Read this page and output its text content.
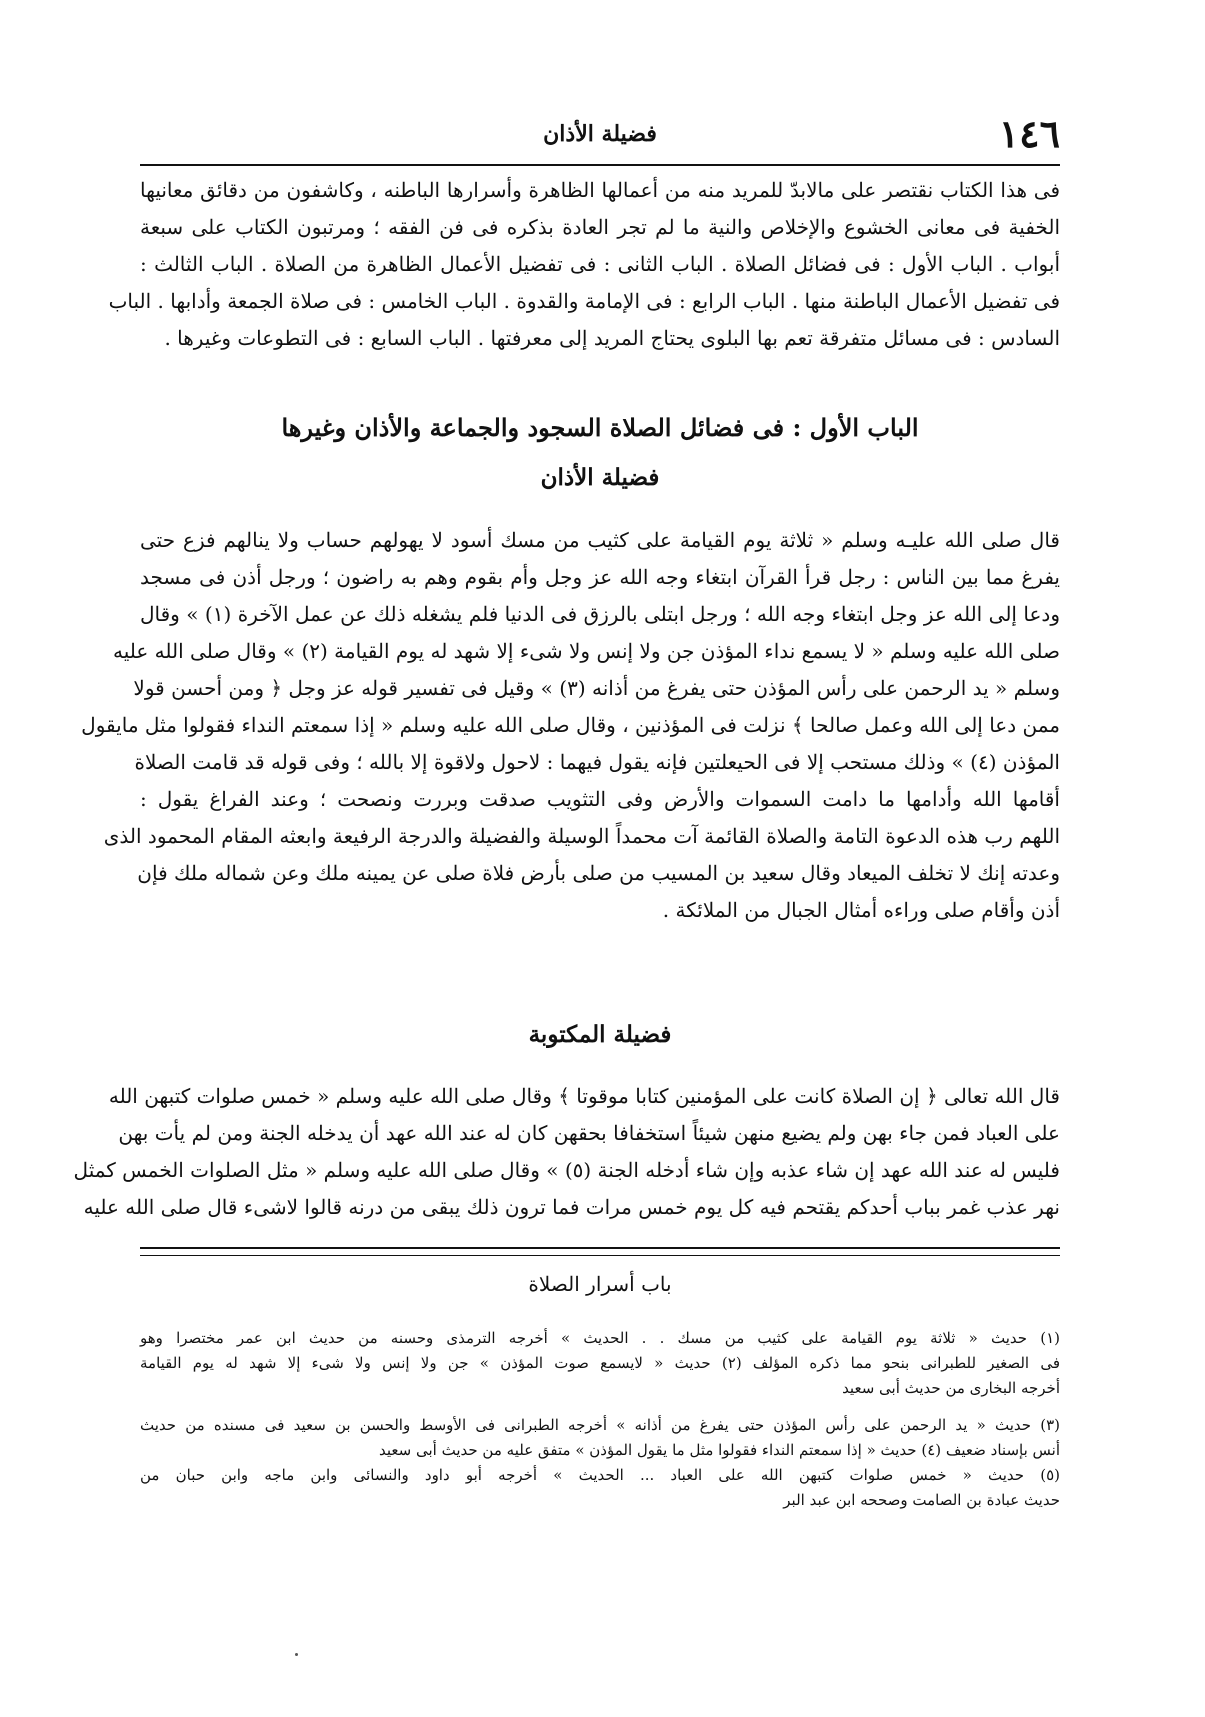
١٤٦
فضيلة الأذان
فى هذا الكتاب نقتصر على مالابدّ للمريد منه من أعمالها الظاهرة وأسرارها الباطنه ، وكاشفون من دقائق معانيها
الخفية فى معانى الخشوع والإخلاص والنية ما لم تجر العادة بذكره فى فن الفقه ؛ ومرتبون الكتاب على سبعة
أبواب . الباب الأول : فى فضائل الصلاة . الباب الثانى : فى تفضيل الأعمال الظاهرة من الصلاة . الباب الثالث :
فى تفضيل الأعمال الباطنة منها . الباب الرابع : فى الإمامة والقدوة . الباب الخامس : فى صلاة الجمعة وأدابها . الباب
السادس : فى مسائل متفرقة تعم بها البلوى يحتاج المريد إلى معرفتها . الباب السابع : فى التطوعات وغيرها .
الباب الأول : فى فضائل الصلاة السجود والجماعة والأذان وغيرها
فضيلة الأذان
قال صلى الله عليـه وسلم « ثلاثة يوم القيامة على كثيب من مسك أسود لا يهولهم حساب ولا ينالهم فزع حتى
يفرغ مما بين الناس : رجل قرأ القرآن ابتغاء وجه الله عز وجل وأم بقوم وهم به راضون ؛ ورجل أذن فى مسجد
ودعا إلى الله عز وجل ابتغاء وجه الله ؛ ورجل ابتلى بالرزق فى الدنيا فلم يشغله ذلك عن عمل الآخرة (١) » وقال
صلى الله عليه وسلم « لا يسمع نداء المؤذن جن ولا إنس ولا شىء إلا شهد له يوم القيامة (٢) » وقال صلى الله عليه
وسلم « يد الرحمن على رأس المؤذن حتى يفرغ من أذانه (٣) » وقيل فى تفسير قوله عز وجل ﴿ ومن أحسن قولا
ممن دعا إلى الله وعمل صالحا ﴾ نزلت فى المؤذنين ، وقال صلى الله عليه وسلم « إذا سمعتم النداء فقولوا مثل مايقول
المؤذن (٤) » وذلك مستحب إلا فى الحيعلتين فإنه يقول فيهما : لاحول ولاقوة إلا بالله ؛ وفى قوله قد قامت الصلاة
أقامها الله وأدامها ما دامت السموات والأرض وفى التثويب صدقت وبررت ونصحت ؛ وعند الفراغ يقول :
اللهم رب هذه الدعوة التامة والصلاة القائمة آت محمداً الوسيلة والفضيلة والدرجة الرفيعة وابعثه المقام المحمود الذى
وعدته إنك لا تخلف الميعاد وقال سعيد بن المسيب من صلى بأرض فلاة صلى عن يمينه ملك وعن شماله ملك فإن
أذن وأقام صلى وراءه أمثال الجبال من الملائكة .
فضيلة المكتوبة
قال الله تعالى ﴿ إن الصلاة كانت على المؤمنين كتابا موقوتا ﴾ وقال صلى الله عليه وسلم « خمس صلوات كتبهن الله
على العباد فمن جاء بهن ولم يضيع منهن شيئاً استخفافا بحقهن كان له عند الله عهد أن يدخله الجنة ومن لم يأت بهن
فليس له عند الله عهد إن شاء عذبه وإن شاء أدخله الجنة (٥) » وقال صلى الله عليه وسلم « مثل الصلوات الخمس كمثل
نهر عذب غمر بباب أحدكم يقتحم فيه كل يوم خمس مرات فما ترون ذلك يبقى من درنه قالوا لاشىء قال صلى الله عليه
باب أسرار الصلاة
(١) حديث « ثلاثة يوم القيامة على كثيب من مسك . . الحديث » أخرجه الترمذى وحسنه من حديث ابن عمر مختصرا وهو
فى الصغير للطبرانى بنحو مما ذكره المؤلف (٢) حديث « لايسمع صوت المؤذن » جن ولا إنس ولا شىء إلا شهد له يوم القيامة
أخرجه البخارى من حديث أبى سعيد
(٣) حديث « يد الرحمن على رأس المؤذن حتى يفرغ من أذانه » أخرجه الطبرانى فى الأوسط والحسن بن سعيد فى مسنده من حديث
أنس بإسناد ضعيف (٤) حديث « إذا سمعتم النداء فقولوا مثل ما يقول المؤذن » متفق عليه من حديث أبى سعيد
(٥) حديث « خمس صلوات كتبهن الله على العباد ... الحديث » أخرجه أبو داود والنسائى وابن ماجه وابن حبان من
حديث عبادة بن الصامت وصححه ابن عبد البر
